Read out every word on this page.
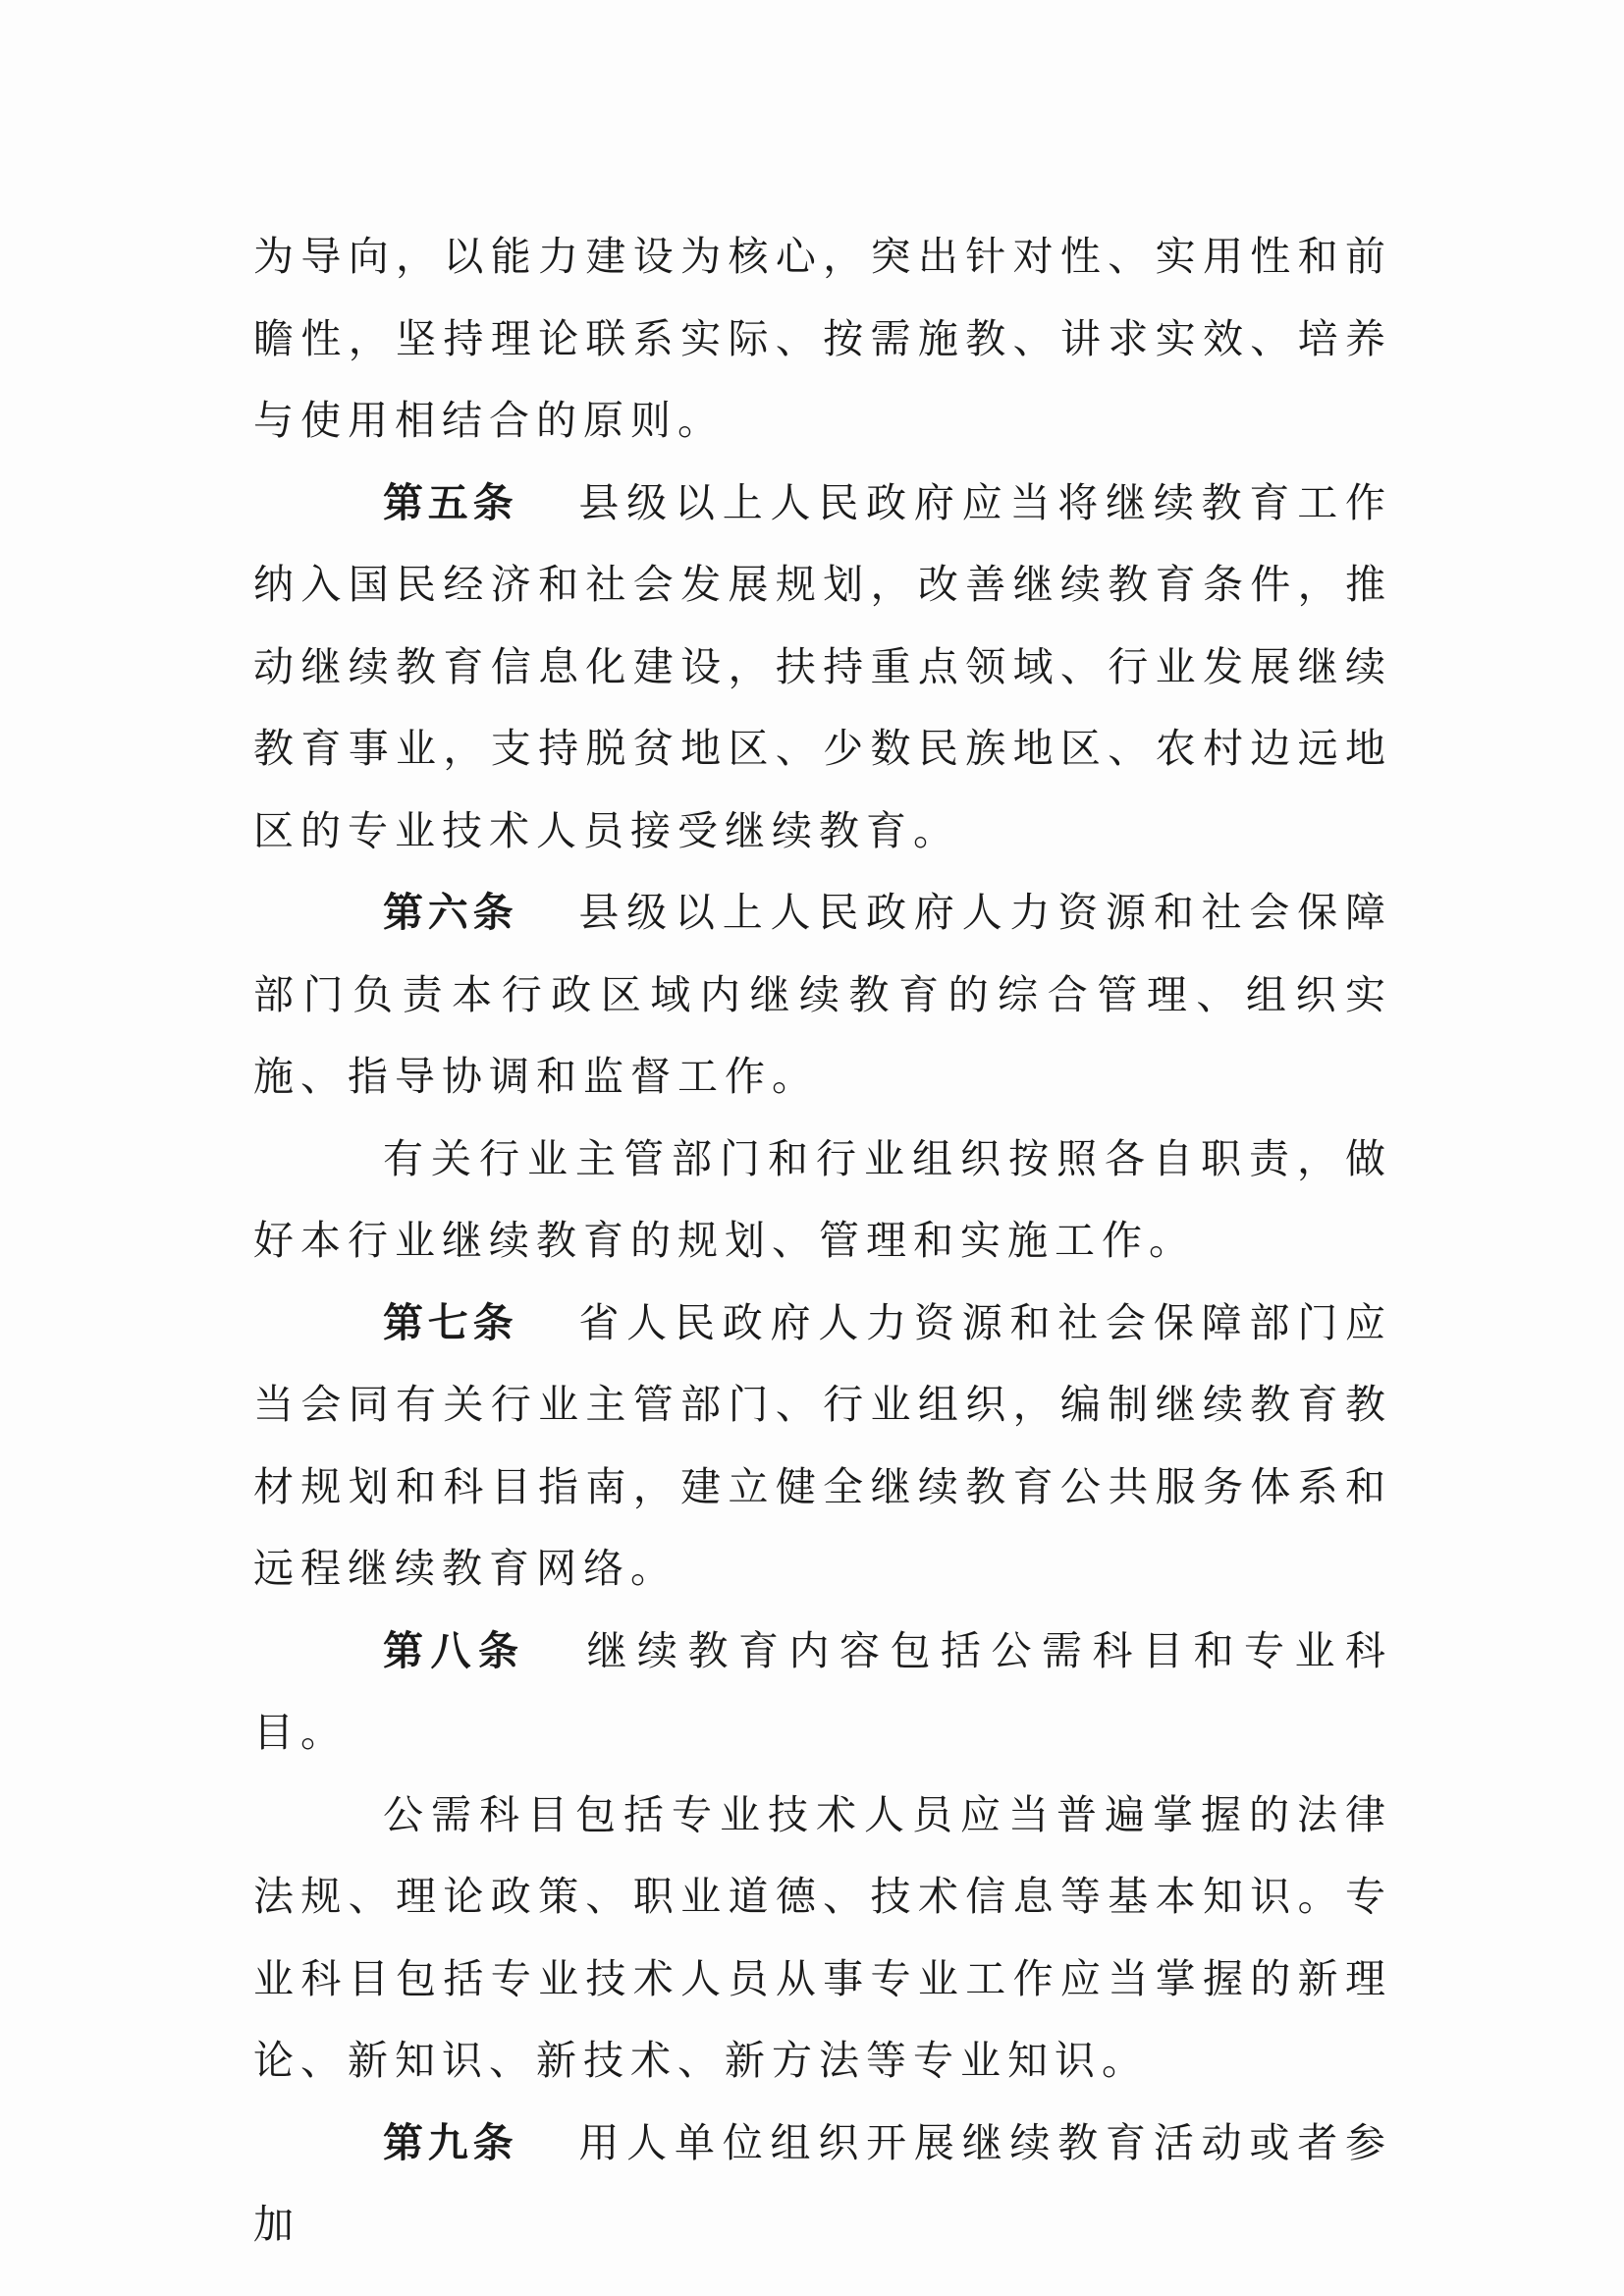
为导向，以能力建设为核心，突出针对性、实用性和前瞻性，坚持理论联系实际、按需施教、讲求实效、培养与使用相结合的原则。

第五条 县级以上人民政府应当将继续教育工作纳入国民经济和社会发展规划，改善继续教育条件，推动继续教育信息化建设，扶持重点领域、行业发展继续教育事业，支持脱贫地区、少数民族地区、农村边远地区的专业技术人员接受继续教育。

第六条 县级以上人民政府人力资源和社会保障部门负责本行政区域内继续教育的综合管理、组织实施、指导协调和监督工作。

有关行业主管部门和行业组织按照各自职责，做好本行业继续教育的规划、管理和实施工作。

第七条 省人民政府人力资源和社会保障部门应当会同有关行业主管部门、行业组织，编制继续教育教材规划和科目指南，建立健全继续教育公共服务体系和远程继续教育网络。

第八条 继续教育内容包括公需科目和专业科目。

公需科目包括专业技术人员应当普遍掌握的法律法规、理论政策、职业道德、技术信息等基本知识。专业科目包括专业技术人员从事专业工作应当掌握的新理论、新知识、新技术、新方法等专业知识。

第九条 用人单位组织开展继续教育活动或者参加
